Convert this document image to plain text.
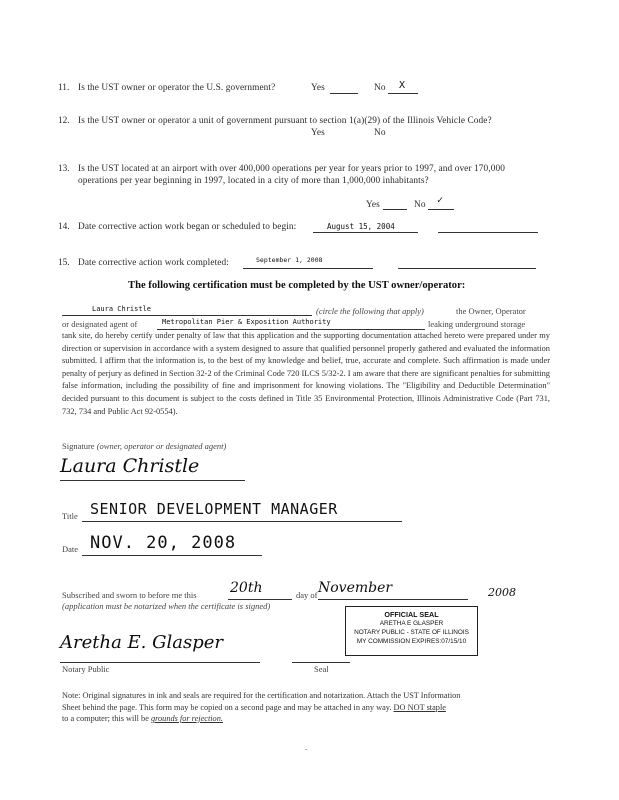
11. Is the UST owner or operator the U.S. government?	Yes	No X
12. Is the UST owner or operator a unit of government pursuant to section 1(a)(29) of the Illinois Vehicle Code?
Yes	No
13. Is the UST located at an airport with over 400,000 operations per year for years prior to 1997, and over 170,000
operations per year beginning in 1997, located in a city of more than 1,000,000 inhabitants?
Yes	No ✓
14. Date corrective action work began or scheduled to begin:	August 15, 2004
15. Date corrective action work completed:	September 1, 2008
The following certification must be completed by the UST owner/operator:
Laura Christle	(circle the following that apply)	the Owner, Operator
or designated agent of	Metropolitan Pier & Exposition Authority	leaking underground storage
tank site, do hereby certify under penalty of law that this application and the supporting documentation attached hereto were prepared under my direction or supervision in accordance with a system designed to assure that qualified personnel properly gathered and evaluated the information submitted. I affirm that the information is, to the best of my knowledge and belief, true, accurate and complete. Such affirmation is made under penalty of perjury as defined in Section 32-2 of the Criminal Code 720 ILCS 5/32-2. I am aware that there are significant penalties for submitting false information, including the possibility of fine and imprisonment for knowing violations. The "Eligibility and Deductible Determination" decided pursuant to this document is subject to the costs defined in Title 35 Environmental Protection, Illinois Administrative Code (Part 731, 732, 734 and Public Act 92-0554).
Signature (owner, operator or designated agent)
Laura Christle
Title SENIOR DEVELOPMENT MANAGER
Date NOV. 20, 2008
Subscribed and sworn to before me this 20th	day of November	2008
(application must be notarized when the certificate is signed)
OFFICIAL SEAL
ARETHA E GLASPER
NOTARY PUBLIC - STATE OF ILLINOIS
MY COMMISSION EXPIRES:07/15/10
Aretha E. Glasper
Notary Public	Seal
Note: Original signatures in ink and seals are required for the certification and notarization. Attach the UST Information
Sheet behind the page. This form may be copied on a second page and may be attached in any way. DO NOT staple
to a computer; this will be grounds for rejection.
.
